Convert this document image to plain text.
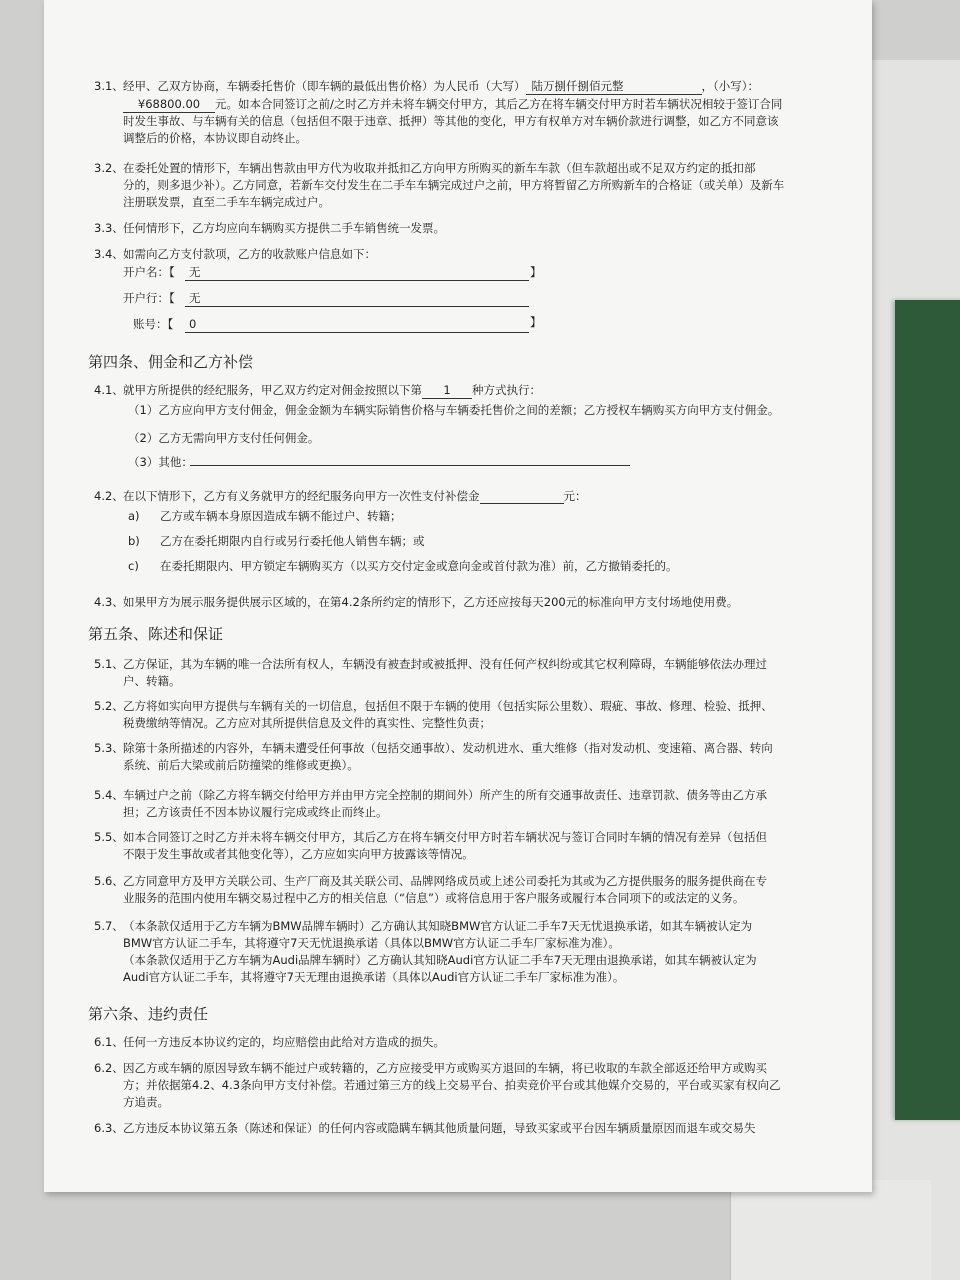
3.1、 经甲、乙双方协商，车辆委托售价（即车辆的最低出售价格）为人民币（大写） 陆万捌仟捌佰元整	，（小写）：
¥68800.00 元。如本合同签订之前/之时乙方并未将车辆交付甲方，其后乙方在将车辆交付甲方时若车辆状况相较于签订合同
时发生事故、与车辆有关的信息（包括但不限于违章、抵押）等其他的变化，甲方有权单方对车辆价款进行调整，如乙方不同意该
调整后的价格，本协议即自动终止。
3.2、 在委托处置的情形下，车辆出售款由甲方代为收取并抵扣乙方向甲方所购买的新车车款（但车款超出或不足双方约定的抵扣部
分的，则多退少补）。乙方同意，若新车交付发生在二手车车辆完成过户之前，甲方将暂留乙方所购新车的合格证（或关单）及新车
注册联发票，直至二手车车辆完成过户。
3.3、 任何情形下，乙方均应向车辆购买方提供二手车销售统一发票。
3.4、 如需向乙方支付款项，乙方的收款账户信息如下：
开户名：【	无	】
开户行：【	无
账号：【	0	】
第四条、佣金和乙方补偿
4.1、 就甲方所提供的经纪服务，甲乙双方约定对佣金按照以下第 1 种方式执行：
（1）乙方应向甲方支付佣金，佣金金额为车辆实际销售价格与车辆委托售价之间的差额；乙方授权车辆购买方向甲方支付佣金。
（2）乙方无需向甲方支付任何佣金。
（3）其他：
4.2、 在以下情形下，乙方有义务就甲方的经纪服务向甲方一次性支付补偿金	元：
a) 乙方或车辆本身原因造成车辆不能过户、转籍；
b) 乙方在委托期限内自行或另行委托他人销售车辆；或
c) 在委托期限内、甲方锁定车辆购买方（以买方交付定金或意向金或首付款为准）前，乙方撤销委托的。
4.3、 如果甲方为展示服务提供展示区域的，在第4.2条所约定的情形下，乙方还应按每天200元的标准向甲方支付场地使用费。
第五条、陈述和保证
5.1、 乙方保证，其为车辆的唯一合法所有权人，车辆没有被查封或被抵押、没有任何产权纠纷或其它权利障碍，车辆能够依法办理过
户、转籍。
5.2、 乙方将如实向甲方提供与车辆有关的一切信息，包括但不限于车辆的使用（包括实际公里数）、瑕疵、事故、修理、检验、抵押、
税费缴纳等情况。乙方应对其所提供信息及文件的真实性、完整性负责；
5.3、 除第十条所描述的内容外，车辆未遭受任何事故（包括交通事故）、发动机进水、重大维修（指对发动机、变速箱、离合器、转向
系统、前后大梁或前后防撞梁的维修或更换）。
5.4、 车辆过户之前（除乙方将车辆交付给甲方并由甲方完全控制的期间外）所产生的所有交通事故责任、违章罚款、债务等由乙方承
担；乙方该责任不因本协议履行完成或终止而终止。
5.5、 如本合同签订之时乙方并未将车辆交付甲方，其后乙方在将车辆交付甲方时若车辆状况与签订合同时车辆的情况有差异（包括但
不限于发生事故或者其他变化等），乙方应如实向甲方披露该等情况。
5.6、 乙方同意甲方及甲方关联公司、生产厂商及其关联公司、品牌网络成员或上述公司委托为其或为乙方提供服务的服务提供商在专
业服务的范围内使用车辆交易过程中乙方的相关信息（“信息”）或将信息用于客户服务或履行本合同项下的或法定的义务。
5.7、 （本条款仅适用于乙方车辆为BMW品牌车辆时）乙方确认其知晓BMW官方认证二手车7天无忧退换承诺，如其车辆被认定为
BMW官方认证二手车，其将遵守7天无忧退换承诺（具体以BMW官方认证二手车厂家标准为准）。
（本条款仅适用于乙方车辆为Audi品牌车辆时）乙方确认其知晓Audi官方认证二手车7天无理由退换承诺，如其车辆被认定为
Audi官方认证二手车，其将遵守7天无理由退换承诺（具体以Audi官方认证二手车厂家标准为准）。
第六条、违约责任
6.1、 任何一方违反本协议约定的，均应赔偿由此给对方造成的损失。
6.2、 因乙方或车辆的原因导致车辆不能过户或转籍的，乙方应接受甲方或购买方退回的车辆，将已收取的车款全部返还给甲方或购买
方；并依据第4.2、4.3条向甲方支付补偿。若通过第三方的线上交易平台、拍卖竞价平台或其他媒介交易的，平台或买家有权向乙
方追责。
6.3、 乙方违反本协议第五条（陈述和保证）的任何内容或隐瞒车辆其他质量问题，导致买家或平台因车辆质量原因而退车或交易失
